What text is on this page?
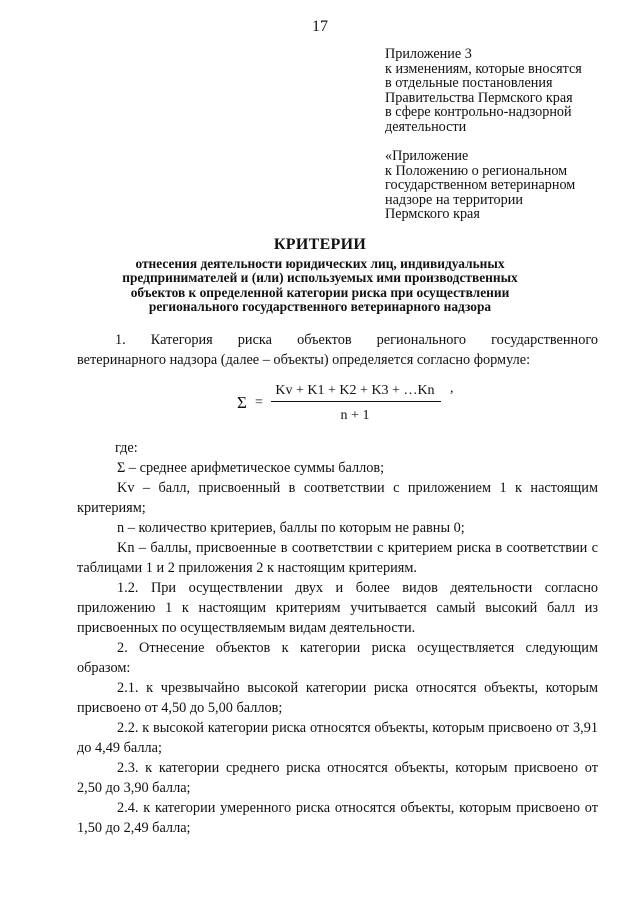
17
Приложение 3
к изменениям, которые вносятся
в отдельные постановления
Правительства Пермского края
в сфере контрольно-надзорной
деятельности
«Приложение
к Положению о региональном
государственном ветеринарном
надзоре на территории
Пермского края
КРИТЕРИИ
отнесения деятельности юридических лиц, индивидуальных
предпринимателей и (или) используемых ими производственных
объектов к определенной категории риска при осуществлении
регионального государственного ветеринарного надзора

1. Категория риска объектов регионального государственного

ветеринарного надзора (далее – объекты) определяется согласно формуле:

Σ =
Kv + K1 + K2 + K3 + …Kn
n + 1
,

где:

Σ – среднее арифметическое суммы баллов;

Kv – балл, присвоенный в соответствии с приложением 1 к настоящим критериям;

n – количество критериев, баллы по которым не равны 0;

Kn – баллы, присвоенные в соответствии с критерием риска в соответствии с таблицами 1 и 2 приложения 2 к настоящим критериям.

1.2. При осуществлении двух и более видов деятельности согласно приложению 1 к настоящим критериям учитывается самый высокий балл из присвоенных по осуществляемым видам деятельности.

2. Отнесение объектов к категории риска осуществляется следующим образом:

2.1. к чрезвычайно высокой категории риска относятся объекты, которым присвоено от 4,50 до 5,00 баллов;

2.2. к высокой категории риска относятся объекты, которым присвоено от 3,91 до 4,49 балла;

2.3. к категории среднего риска относятся объекты, которым присвоено от 2,50 до 3,90 балла;

2.4. к категории умеренного риска относятся объекты, которым присвоено от 1,50 до 2,49 балла;
